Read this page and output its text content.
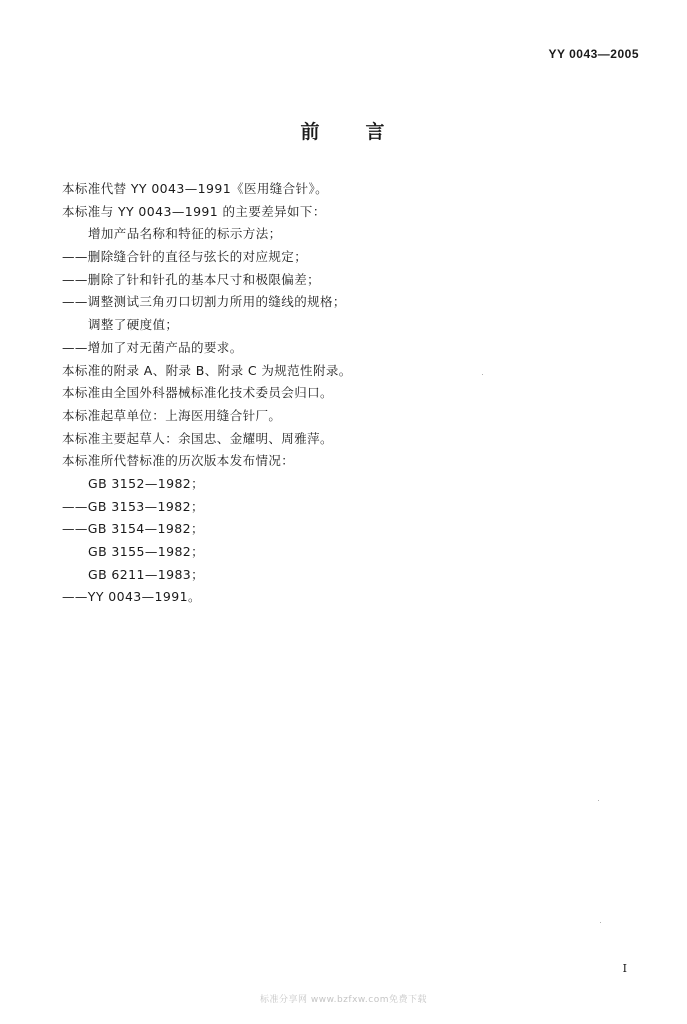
YY 0043—2005
前 言
本标准代替 YY 0043—1991《医用缝合针》。
本标准与 YY 0043—1991 的主要差异如下：
增加产品名称和特征的标示方法；
——删除缝合针的直径与弦长的对应规定；
——删除了针和针孔的基本尺寸和极限偏差；
——调整测试三角刃口切割力所用的缝线的规格；
调整了硬度值；
——增加了对无菌产品的要求。
本标准的附录 A、附录 B、附录 C 为规范性附录。
本标准由全国外科器械标准化技术委员会归口。
本标准起草单位：上海医用缝合针厂。
本标准主要起草人：余国忠、金耀明、周雅萍。
本标准所代替标准的历次版本发布情况：
GB 3152—1982；
——GB 3153—1982；
——GB 3154—1982；
GB 3155—1982；
GB 6211—1983；
——YY 0043—1991。
I
标准分享网 www.bzfxw.com免费下载
